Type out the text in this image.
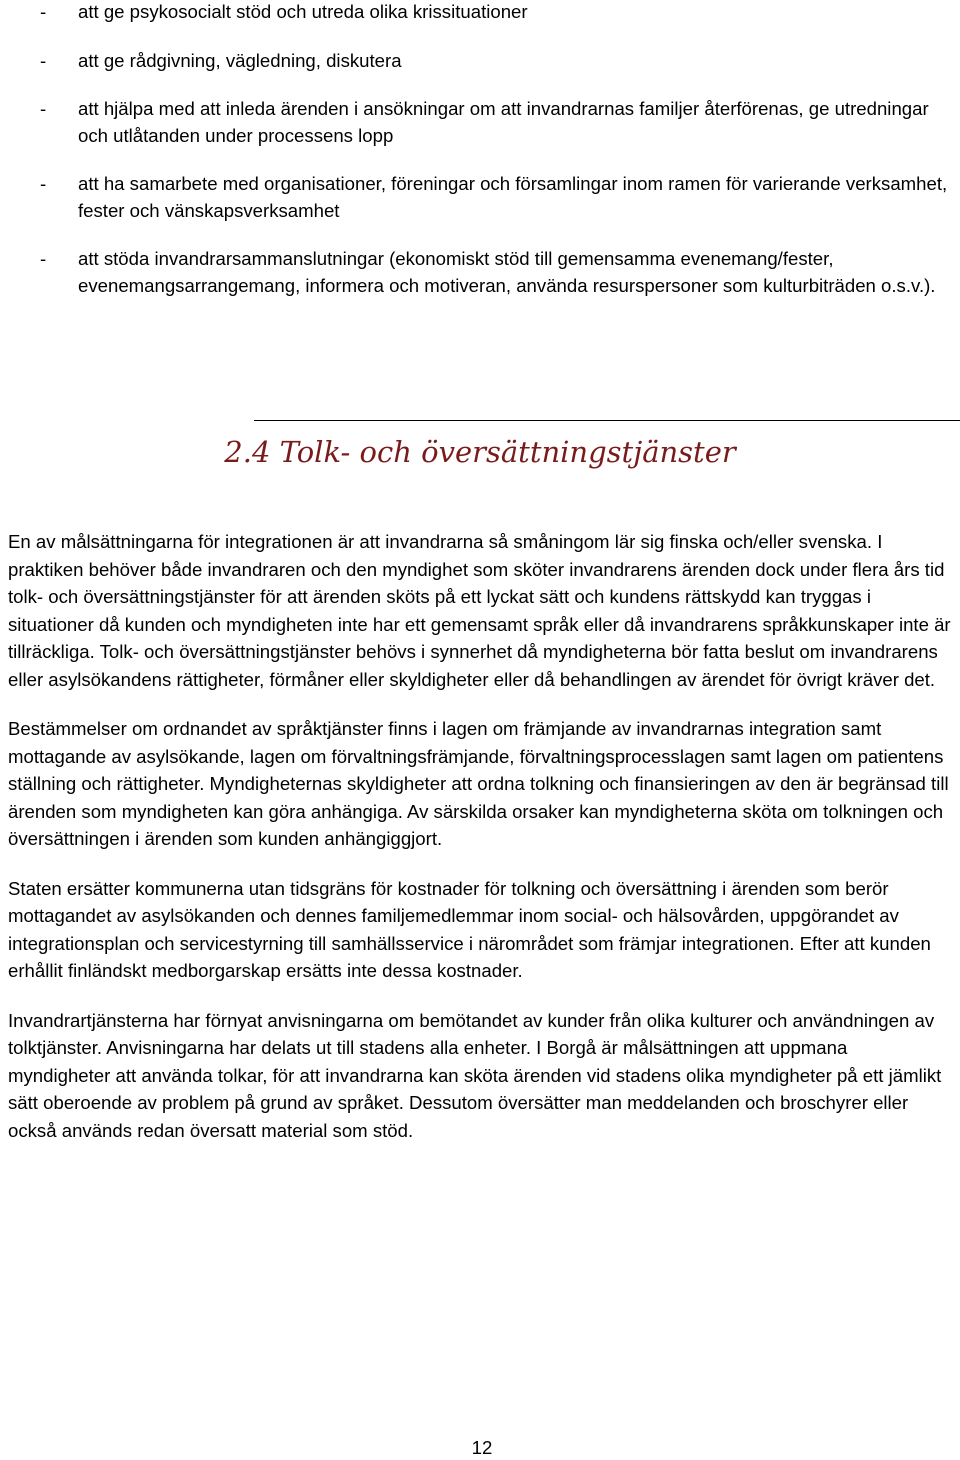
- att ge psykosocialt stöd och utreda olika krissituationer
- att ge rådgivning, vägledning, diskutera
- att hjälpa med att inleda ärenden i ansökningar om att invandrarnas familjer återförenas, ge utredningar och utlåtanden under processens lopp
- att ha samarbete med organisationer, föreningar och församlingar inom ramen för varierande verksamhet, fester och vänskapsverksamhet
- att stöda invandrarsammanslutningar (ekonomiskt stöd till gemensamma evenemang/fester, evenemangsarrangemang, informera och motiveran, använda resurspersoner som kulturbiträden o.s.v.).
2.4 Tolk- och översättningstjänster

En av målsättningarna för integrationen är att invandrarna så småningom lär sig finska och/eller svenska. I praktiken behöver både invandraren och den myndighet som sköter invandrarens ärenden dock under flera års tid tolk- och översättningstjänster för att ärenden sköts på ett lyckat sätt och kundens rättskydd kan tryggas i situationer då kunden och myndigheten inte har ett gemensamt språk eller då invandrarens språkkunskaper inte är tillräckliga. Tolk- och översättningstjänster behövs i synnerhet då myndigheterna bör fatta beslut om invandrarens eller asylsökandens rättigheter, förmåner eller skyldigheter eller då behandlingen av ärendet för övrigt kräver det.

Bestämmelser om ordnandet av språktjänster finns i lagen om främjande av invandrarnas integration samt mottagande av asylsökande, lagen om förvaltningsfrämjande, förvaltningsprocesslagen samt lagen om patientens ställning och rättigheter. Myndigheternas skyldigheter att ordna tolkning och finansieringen av den är begränsad till ärenden som myndigheten kan göra anhängiga. Av särskilda orsaker kan myndigheterna sköta om tolkningen och översättningen i ärenden som kunden anhängiggjort.

Staten ersätter kommunerna utan tidsgräns för kostnader för tolkning och översättning i ärenden som berör mottagandet av asylsökanden och dennes familjemedlemmar inom social- och hälsovården, uppgörandet av integrationsplan och servicestyrning till samhällsservice i närområdet som främjar integrationen. Efter att kunden erhållit finländskt medborgarskap ersätts inte dessa kostnader.

Invandrartjänsterna har förnyat anvisningarna om bemötandet av kunder från olika kulturer och användningen av tolktjänster. Anvisningarna har delats ut till stadens alla enheter. I Borgå är målsättningen att uppmana myndigheter att använda tolkar, för att invandrarna kan sköta ärenden vid stadens olika myndigheter på ett jämlikt sätt oberoende av problem på grund av språket. Dessutom översätter man meddelanden och broschyrer eller också används redan översatt material som stöd.

12
